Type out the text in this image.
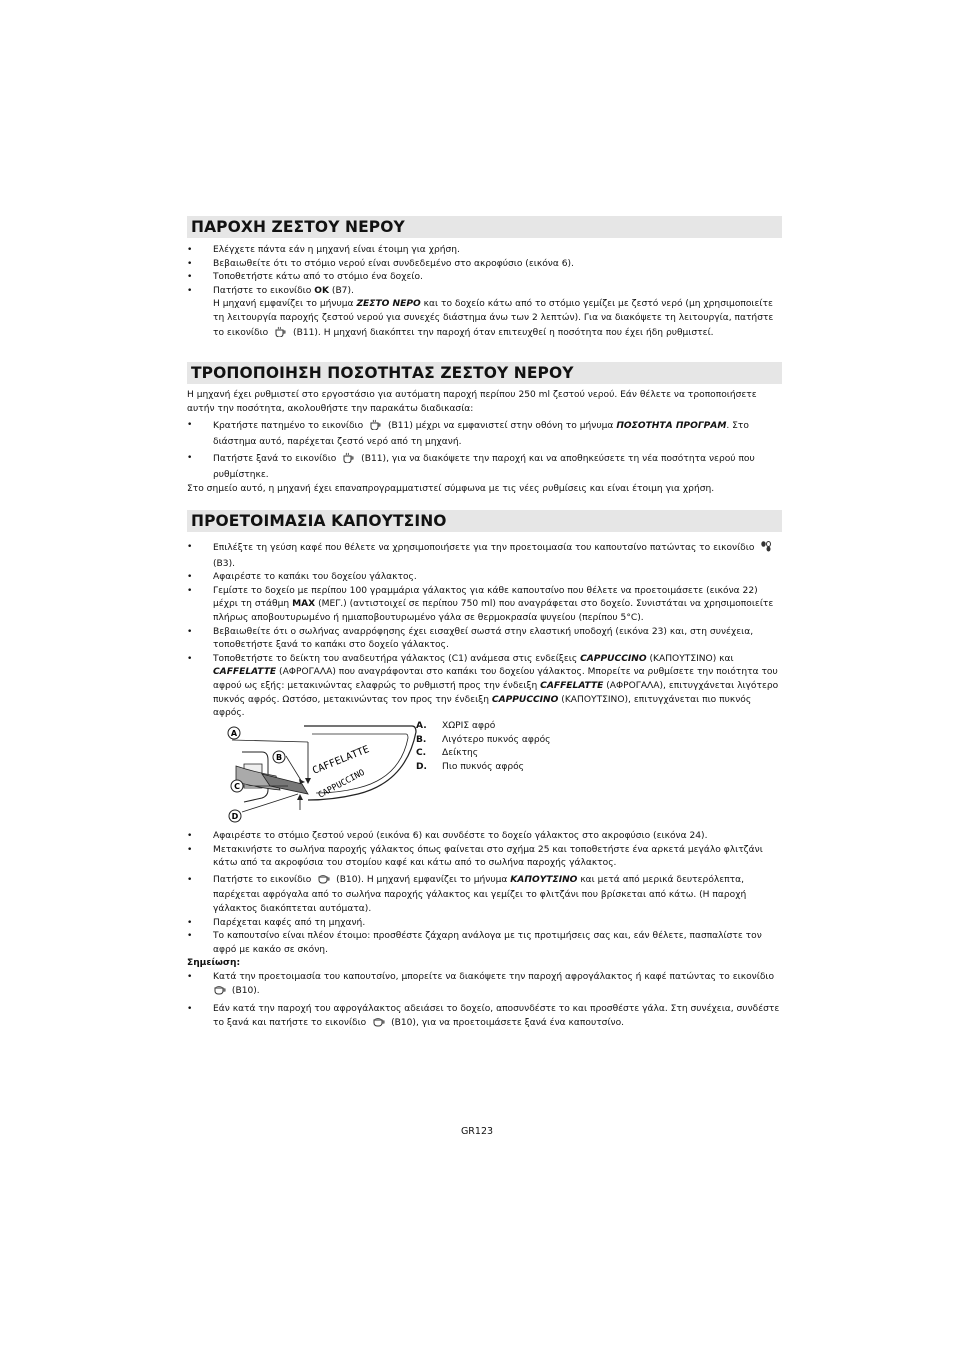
ΠΑΡΟΧΗ ΖΕΣΤΟΥ ΝΕΡΟΥ
• Ελέγχετε πάντα εάν η μηχανή είναι έτοιμη για χρήση.
• Βεβαιωθείτε ότι το στόμιο νερού είναι συνδεδεμένο στο ακροφύσιο (εικόνα 6).
• Τοποθετήστε κάτω από το στόμιο ένα δοχείο.
• Πατήστε το εικονίδιο OK (B7).
Η μηχανή εμφανίζει το μήνυμα ΖΕΣΤΟ ΝΕΡΟ και το δοχείο κάτω από το στόμιο γεμίζει με ζεστό νερό (μη χρησιμοποιείτε τη λειτουργία παροχής ζεστού νερού για συνεχές διάστημα άνω των 2 λεπτών). Για να διακόψετε τη λειτουργία, πατήστε το εικονίδιο	(B11). Η μηχανή διακόπτει την παροχή όταν επιτευχθεί η ποσότητα που έχει ήδη ρυθμιστεί.
ΤΡΟΠΟΠΟΙΗΣΗ ΠΟΣΟΤΗΤΑΣ ΖΕΣΤΟΥ ΝΕΡΟΥ

Η μηχανή έχει ρυθμιστεί στο εργοστάσιο για αυτόματη παροχή περίπου 250 ml ζεστού νερού. Εάν θέλετε να τροποποιήσετε αυτήν την ποσότητα, ακολουθήστε την παρακάτω διαδικασία:

• Κρατήστε πατημένο το εικονίδιο	(B11) μέχρι να εμφανιστεί στην οθόνη το μήνυμα ΠΟΣΟΤΗΤΑ ΠΡΟΓΡΑΜ. Στο διάστημα αυτό, παρέχεται ζεστό νερό από τη μηχανή.
• Πατήστε ξανά το εικονίδιο	(B11), για να διακόψετε την παροχή και να αποθηκεύσετε τη νέα ποσότητα νερού που ρυθμίστηκε.

Στο σημείο αυτό, η μηχανή έχει επαναπρογραμματιστεί σύμφωνα με τις νέες ρυθμίσεις και είναι έτοιμη για χρήση.

ΠΡΟΕΤΟΙΜΑΣΙΑ ΚΑΠΟΥΤΣΙΝΟ
• Επιλέξτε τη γεύση καφέ που θέλετε να χρησιμοποιήσετε για την προετοιμασία του καπουτσίνο πατώντας το εικονίδιο
(B3).
• Αφαιρέστε το καπάκι του δοχείου γάλακτος.
• Γεμίστε το δοχείο με περίπου 100 γραμμάρια γάλακτος για κάθε καπουτσίνο που θέλετε να προετοιμάσετε (εικόνα 22) μέχρι τη στάθμη MAX (ΜΕΓ.) (αντιστοιχεί σε περίπου 750 ml) που αναγράφεται στο δοχείο. Συνιστάται να χρησιμοποιείτε πλήρως αποβουτυρωμένο ή ημιαποβουτυρωμένο γάλα σε θερμοκρασία ψυγείου (περίπου 5°C).
• Βεβαιωθείτε ότι ο σωλήνας αναρρόφησης έχει εισαχθεί σωστά στην ελαστική υποδοχή (εικόνα 23) και, στη συνέχεια, τοποθετήστε ξανά το καπάκι στο δοχείο γάλακτος.
• Τοποθετήστε το δείκτη του αναδευτήρα γάλακτος (C1) ανάμεσα στις ενδείξεις CAPPUCCINO (ΚΑΠΟΥΤΣΙΝΟ) και CAFFELATTE (ΑΦΡΟΓΑΛΑ) που αναγράφονται στο καπάκι του δοχείου γάλακτος. Μπορείτε να ρυθμίσετε την ποιότητα του αφρού ως εξής: μετακινώντας ελαφρώς το ρυθμιστή προς την ένδειξη CAFFELATTE (ΑΦΡΟΓΑΛΑ), επιτυγχάνεται λιγότερο πυκνός αφρός. Ωστόσο, μετακινώντας τον προς την ένδειξη CAPPUCCINO (ΚΑΠΟΥΤΣΙΝΟ), επιτυγχάνεται πιο πυκνός αφρός.
A
B
C
D
CAFFELATTE
CAPPUCCINO
A.	ΧΩΡΙΣ αφρό
B.	Λιγότερο πυκνός αφρός
C.	Δείκτης
D.	Πιο πυκνός αφρός
• Αφαιρέστε το στόμιο ζεστού νερού (εικόνα 6) και συνδέστε το δοχείο γάλακτος στο ακροφύσιο (εικόνα 24).
• Μετακινήστε το σωλήνα παροχής γάλακτος όπως φαίνεται στο σχήμα 25 και τοποθετήστε ένα αρκετά μεγάλο φλιτζάνι κάτω από τα ακροφύσια του στομίου καφέ και κάτω από το σωλήνα παροχής γάλακτος.
• Πατήστε το εικονίδιο	(B10). Η μηχανή εμφανίζει το μήνυμα ΚΑΠΟΥΤΣΙΝΟ και μετά από μερικά δευτερόλεπτα, παρέχεται αφρόγαλα από το σωλήνα παροχής γάλακτος και γεμίζει το φλιτζάνι που βρίσκεται από κάτω. (Η παροχή γάλακτος διακόπτεται αυτόματα).
• Παρέχεται καφές από τη μηχανή.
• Το καπουτσίνο είναι πλέον έτοιμο: προσθέστε ζάχαρη ανάλογα με τις προτιμήσεις σας και, εάν θέλετε, πασπαλίστε τον αφρό με κακάο σε σκόνη.

Σημείωση:

• Κατά την προετοιμασία του καπουτσίνο, μπορείτε να διακόψετε την παροχή αφρογάλακτος ή καφέ πατώντας το εικονίδιο
(B10).
• Εάν κατά την παροχή του αφρογάλακτος αδειάσει το δοχείο, αποσυνδέστε το και προσθέστε γάλα. Στη συνέχεια, συνδέστε το ξανά και πατήστε το εικονίδιο	(B10), για να προετοιμάσετε ξανά ένα καπουτσίνο.
GR123
